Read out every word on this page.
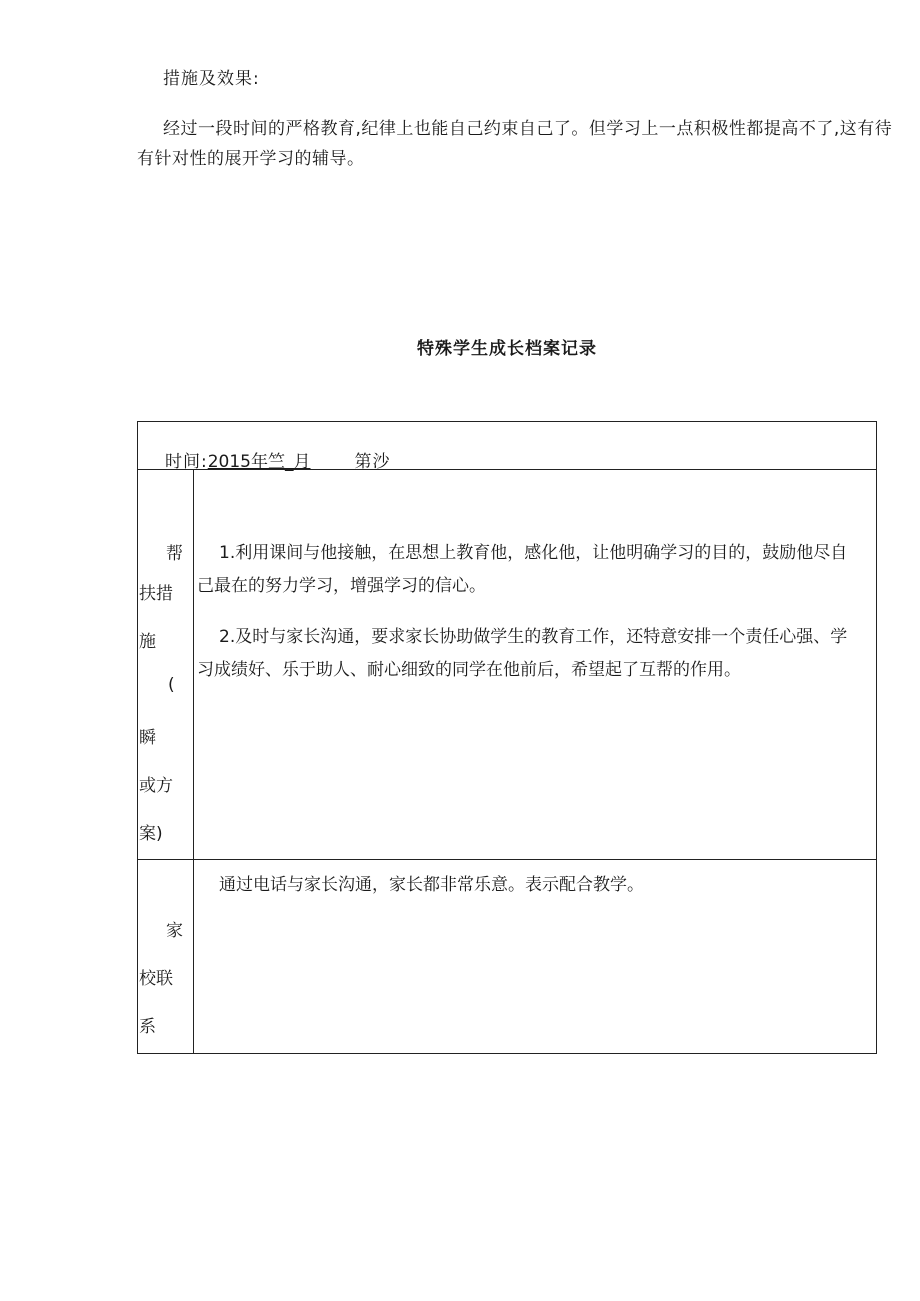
措施及效果:
经过一段时间的严格教育,纪律上也能自己约束自己了。但学习上一点积极性都提高不了,这有待有针对性的展开学习的辅导。
特殊学生成长档案记录
时间:2015年竺_月	第沙
帮
扶措
施
(
瞬
或方
案)
1.利用课间与他接触，在思想上教育他，感化他，让他明确学习的目的，鼓励他尽自己最在的努力学习，增强学习的信心。
2.及时与家长沟通，要求家长协助做学生的教育工作，还特意安排一个责任心强、学习成绩好、乐于助人、耐心细致的同学在他前后，希望起了互帮的作用。
家
校联
系
通过电话与家长沟通，家长都非常乐意。表示配合教学。
